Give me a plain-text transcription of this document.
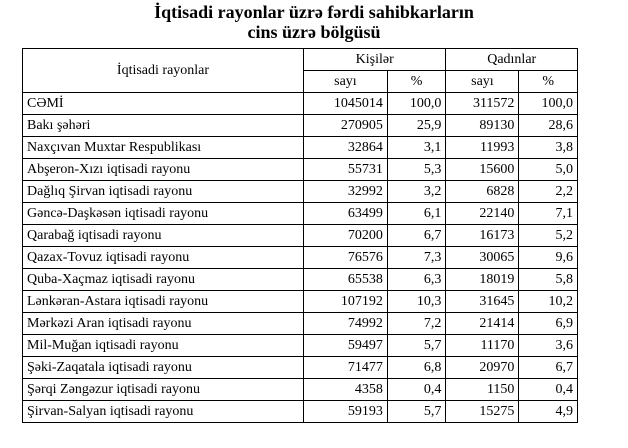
İqtisadi rayonlar üzrə fərdi sahibkarların
cins üzrə bölgüsü
İqtisadi rayonlar	Kişilər		Qadınlar	
	sayı	%	sayı	%
CƏMİ	1045014	100,0	311572	100,0
Bakı şəhəri	270905	25,9	89130	28,6
Naxçıvan Muxtar Respublikası	32864	3,1	11993	3,8
Abşeron-Xızı iqtisadi rayonu	55731	5,3	15600	5,0
Dağlıq Şirvan iqtisadi rayonu	32992	3,2	6828	2,2
Gəncə-Daşkəsən iqtisadi rayonu	63499	6,1	22140	7,1
Qarabağ iqtisadi rayonu	70200	6,7	16173	5,2
Qazax-Tovuz iqtisadi rayonu	76576	7,3	30065	9,6
Quba-Xaçmaz iqtisadi rayonu	65538	6,3	18019	5,8
Lənkəran-Astara iqtisadi rayonu	107192	10,3	31645	10,2
Mərkəzi Aran iqtisadi rayonu	74992	7,2	21414	6,9
Mil-Muğan iqtisadi rayonu	59497	5,7	11170	3,6
Şəki-Zaqatala iqtisadi rayonu	71477	6,8	20970	6,7
Şərqi Zəngəzur iqtisadi rayonu	4358	0,4	1150	0,4
Şirvan-Salyan iqtisadi rayonu	59193	5,7	15275	4,9
